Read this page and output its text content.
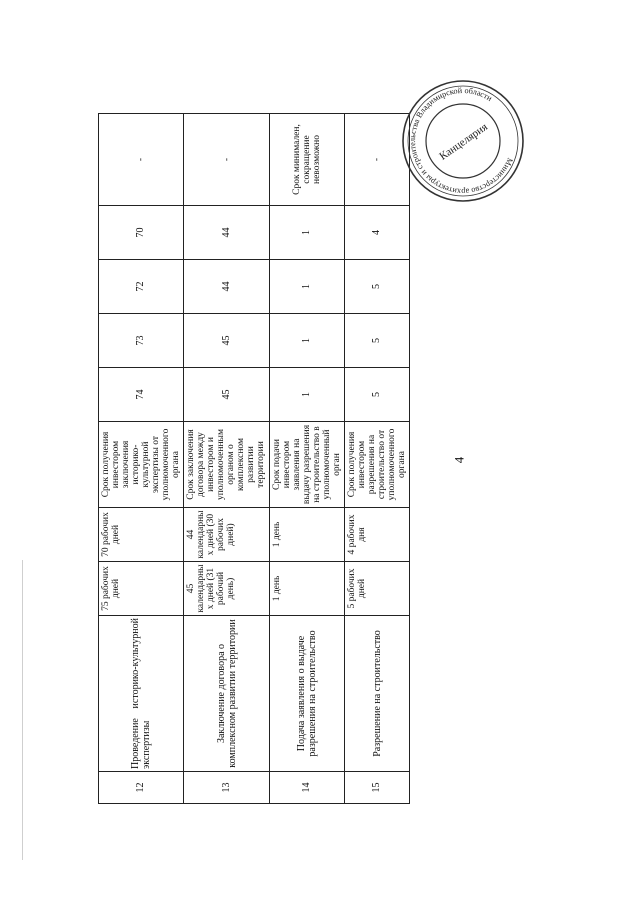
4
12	Проведение историко-культурной экспертизы	75 рабочих дней	70 рабочих дней	Срок получения инвестором заключения историко-культурной экспертизы от уполномоченного органа	74	73	72	70	-
13	Заключение договора о комплексном развитии территории	45 календарных дней (31 рабочий день)	44 календарных дней (30 рабочих дней)	Срок заключения договора между инвестором и уполномоченным органом о комплексном развитии территории	45	45	44	44	-
14	Подача заявления о выдаче разрешения на строительство	1 день	1 день	Срок подачи инвестором заявления на выдачу разрешения на строительство в уполномоченный орган	1	1	1	1	Срок минимален, сокращение невозможно
15	Разрешение на строительство	5 рабочих дней	4 рабочих дня	Срок получения инвестором разрешения на строительство от уполномоченного органа	5	5	5	4	-	Министерство архитектуры и строительства Владимирской области
Канцелярия
